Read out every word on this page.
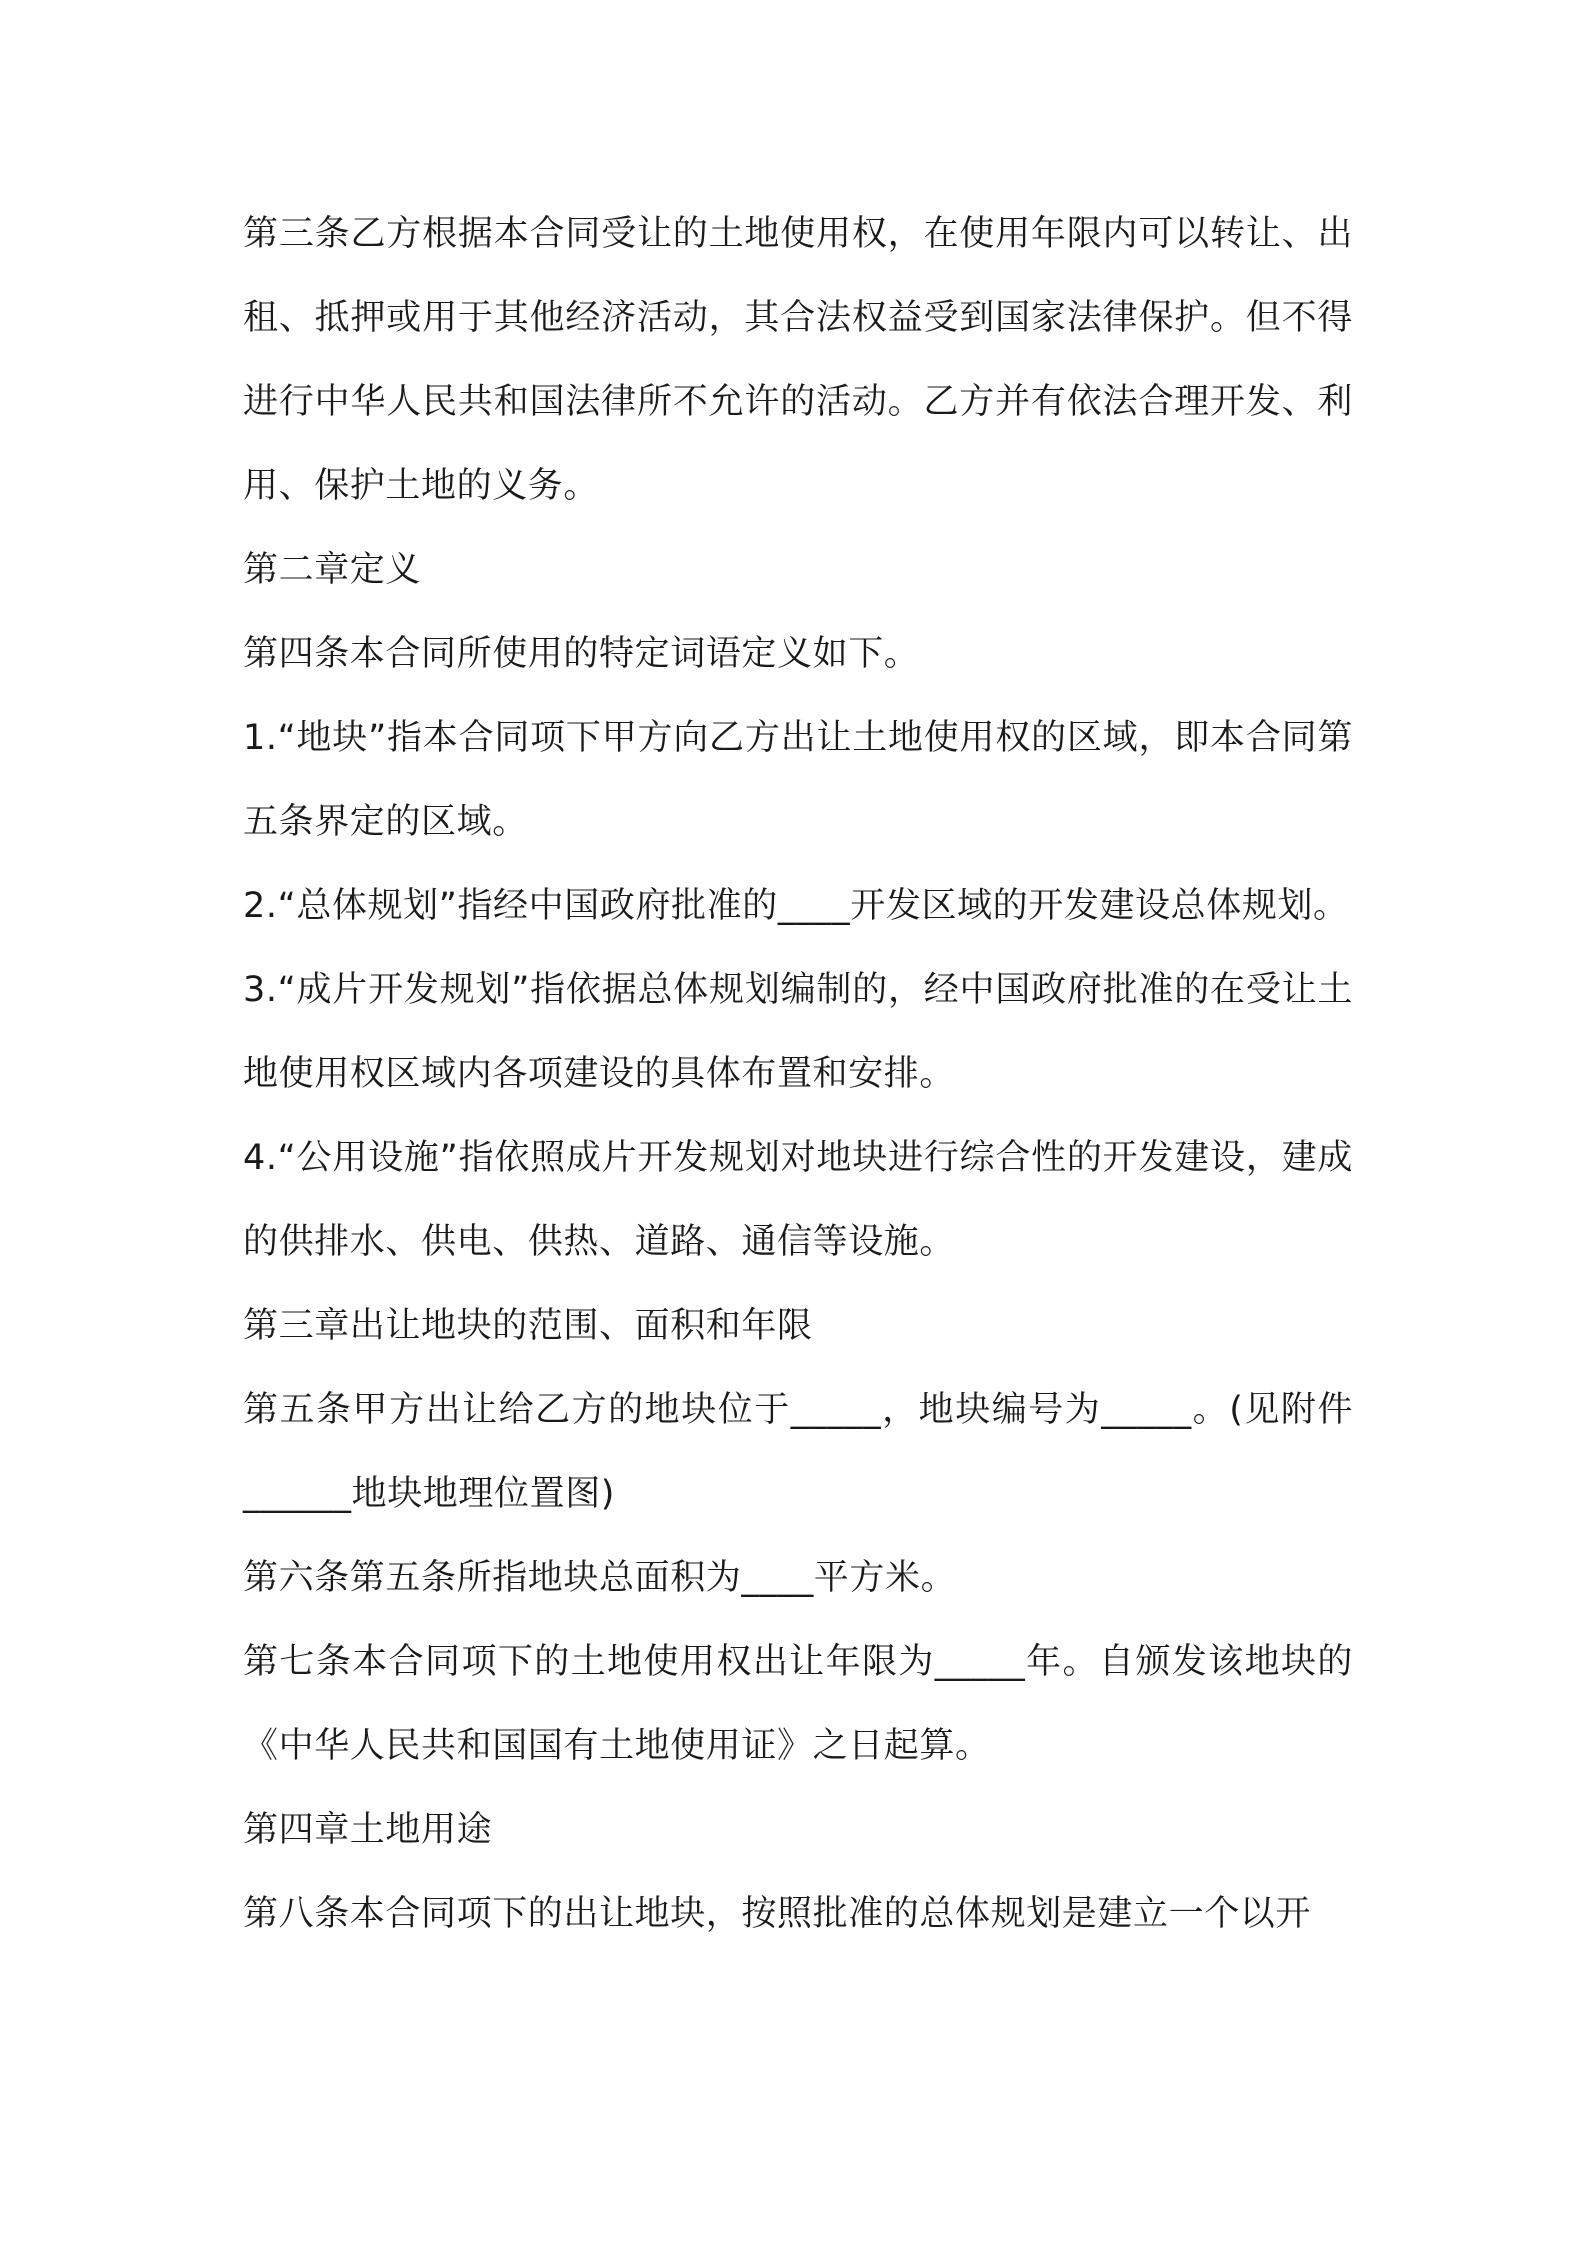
第三条乙方根据本合同受让的土地使用权，在使用年限内可以转让、出租、抵押或用于其他经济活动，其合法权益受到国家法律保护。但不得进行中华人民共和国法律所不允许的活动。乙方并有依法合理开发、利用、保护土地的义务。

第二章定义

第四条本合同所使用的特定词语定义如下。

1.“地块”指本合同项下甲方向乙方出让土地使用权的区域，即本合同第五条界定的区域。

2.“总体规划”指经中国政府批准的____开发区域的开发建设总体规划。

3.“成片开发规划”指依据总体规划编制的，经中国政府批准的在受让土地使用权区域内各项建设的具体布置和安排。

4.“公用设施”指依照成片开发规划对地块进行综合性的开发建设，建成的供排水、供电、供热、道路、通信等设施。

第三章出让地块的范围、面积和年限

第五条甲方出让给乙方的地块位于_____，地块编号为_____。(见附件______地块地理位置图)

第六条第五条所指地块总面积为____平方米。

第七条本合同项下的土地使用权出让年限为_____年。自颁发该地块的《中华人民共和国国有土地使用证》之日起算。

第四章土地用途

第八条本合同项下的出让地块，按照批准的总体规划是建立一个以开
